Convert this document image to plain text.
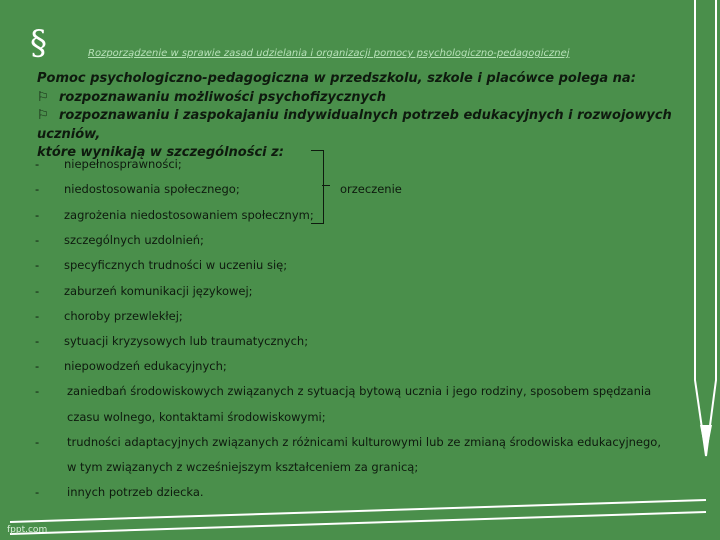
§	Rozporządzenie w sprawie zasad udzielania i organizacji pomocy psychologiczno-pedagogicznej
Pomoc psychologiczno-pedagogiczna w przedszkolu, szkole i placówce polega na:
⚐ rozpoznawaniu możliwości psychofizycznych
⚐ rozpoznawaniu i zaspokajaniu indywidualnych potrzeb edukacyjnych i rozwojowych uczniów,
które wynikają w szczególności z:
- niepełnosprawności;
- niedostosowania społecznego;
- zagrożenia niedostosowaniem społecznym;
- szczególnych uzdolnień;
- specyficznych trudności w uczeniu się;
- zaburzeń komunikacji językowej;
- choroby przewlekłej;
- sytuacji kryzysowych lub traumatycznych;
- niepowodzeń edukacyjnych;
- zaniedbań środowiskowych związanych z sytuacją bytową ucznia i jego rodziny, sposobem spędzania
czasu wolnego, kontaktami środowiskowymi;
- trudności adaptacyjnych związanych z różnicami kulturowymi lub ze zmianą środowiska edukacyjnego,
w tym związanych z wcześniejszym kształceniem za granicą;
- innych potrzeb dziecka.
orzeczenie
fppt.com
